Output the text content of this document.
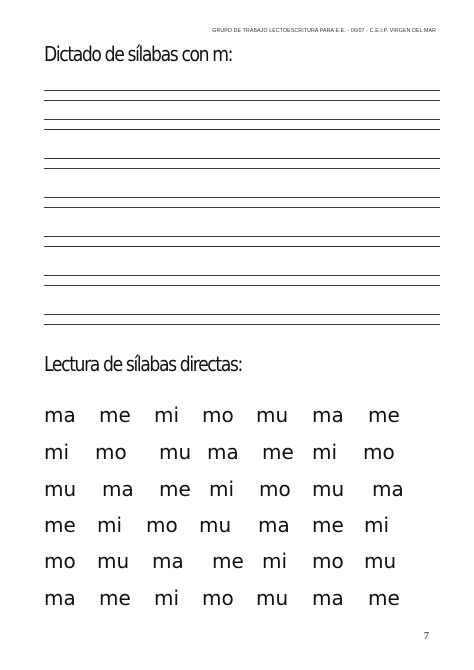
GRUPO DE TRABAJO LECTOESCRITURA PARA E.E. - 06/07 - C.E.I.P. VIRGEN DEL MAR
Dictado de sílabas con m:
Lectura de sílabas directas:
ma me mi mo mu ma me
mi mo mu ma me mi mo
mu ma me mi mo mu ma
me mi mo mu ma me mi
mo mu ma me mi mo mu
ma me mi mo mu ma me
7
